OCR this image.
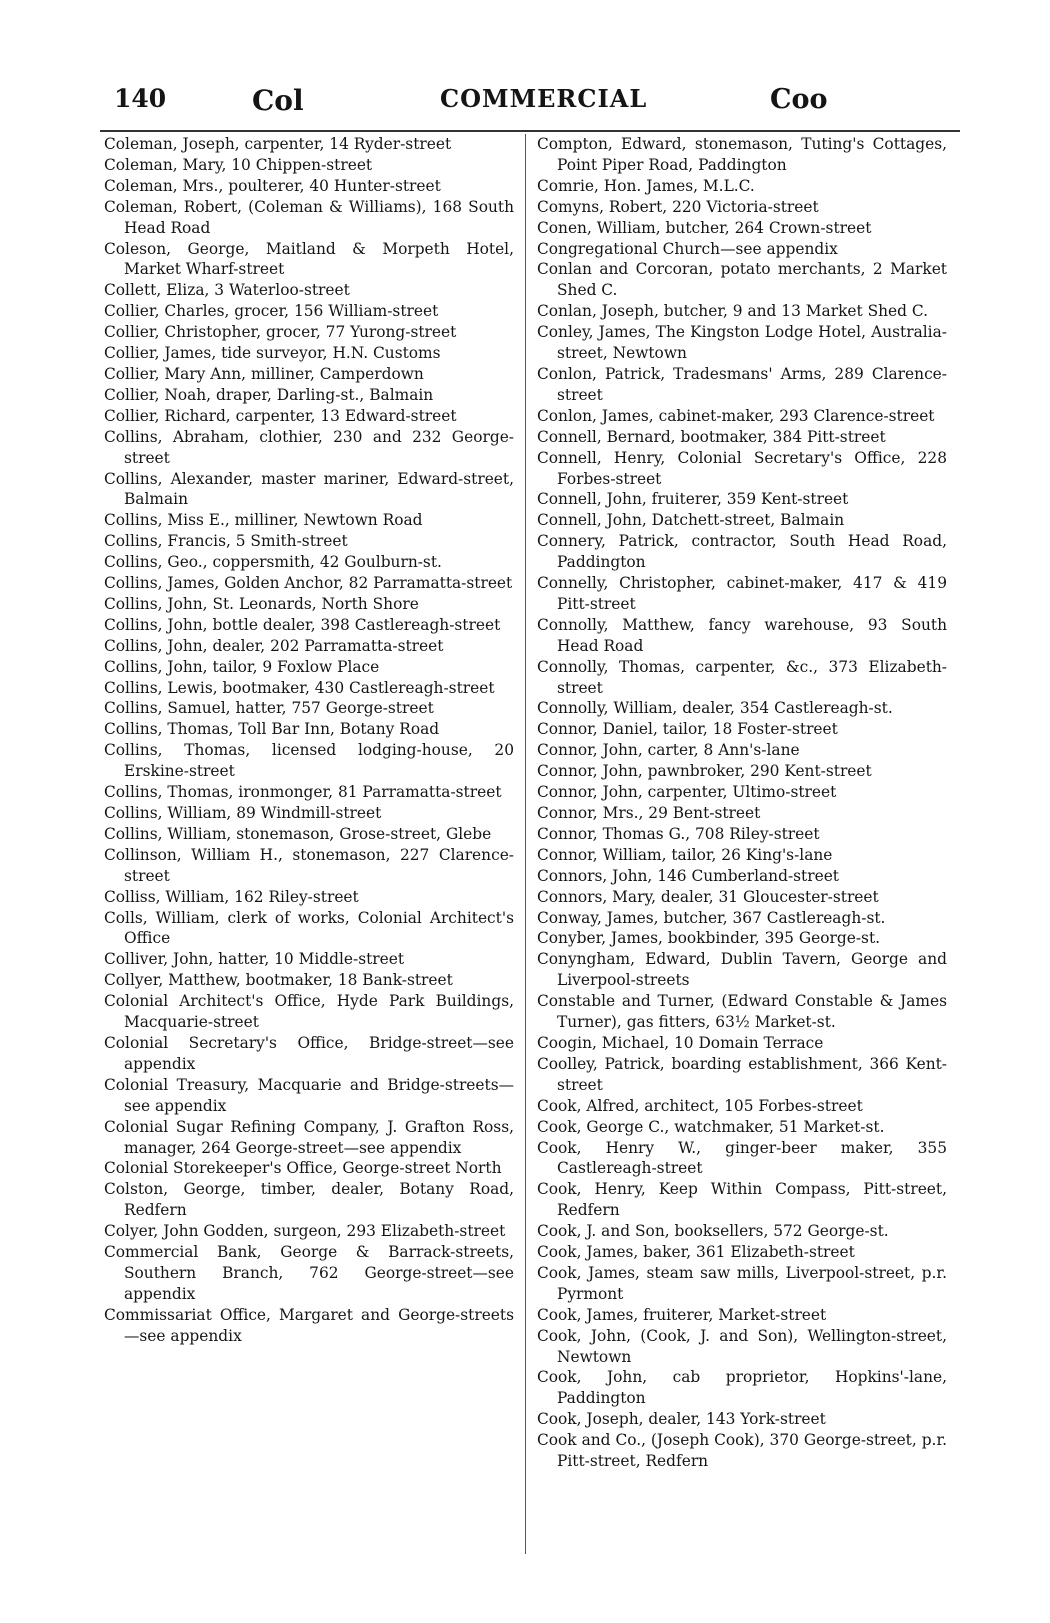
140	Col	COMMERCIAL	Coo

Coleman, Joseph, carpenter, 14 Ryder-street

Coleman, Mary, 10 Chippen-street

Coleman, Mrs., poulterer, 40 Hunter-street

Coleman, Robert, (Coleman & Williams), 168 South Head Road

Coleson, George, Maitland & Morpeth Hotel, Market Wharf-street

Collett, Eliza, 3 Waterloo-street

Collier, Charles, grocer, 156 William-street

Collier, Christopher, grocer, 77 Yurong-street

Collier, James, tide surveyor, H.N. Customs

Collier, Mary Ann, milliner, Camperdown

Collier, Noah, draper, Darling-st., Balmain

Collier, Richard, carpenter, 13 Edward-street

Collins, Abraham, clothier, 230 and 232 George-street

Collins, Alexander, master mariner, Edward-street, Balmain

Collins, Miss E., milliner, Newtown Road

Collins, Francis, 5 Smith-street

Collins, Geo., coppersmith, 42 Goulburn-st.

Collins, James, Golden Anchor, 82 Parramatta-street

Collins, John, St. Leonards, North Shore

Collins, John, bottle dealer, 398 Castlereagh-street

Collins, John, dealer, 202 Parramatta-street

Collins, John, tailor, 9 Foxlow Place

Collins, Lewis, bootmaker, 430 Castlereagh-street

Collins, Samuel, hatter, 757 George-street

Collins, Thomas, Toll Bar Inn, Botany Road

Collins, Thomas, licensed lodging-house, 20 Erskine-street

Collins, Thomas, ironmonger, 81 Parramatta-street

Collins, William, 89 Windmill-street

Collins, William, stonemason, Grose-street, Glebe

Collinson, William H., stonemason, 227 Clarence-street

Colliss, William, 162 Riley-street

Colls, William, clerk of works, Colonial Architect's Office

Colliver, John, hatter, 10 Middle-street

Collyer, Matthew, bootmaker, 18 Bank-street

Colonial Architect's Office, Hyde Park Buildings, Macquarie-street

Colonial Secretary's Office, Bridge-street—see appendix

Colonial Treasury, Macquarie and Bridge-streets—see appendix

Colonial Sugar Refining Company, J. Grafton Ross, manager, 264 George-street—see appendix

Colonial Storekeeper's Office, George-street North

Colston, George, timber, dealer, Botany Road, Redfern

Colyer, John Godden, surgeon, 293 Elizabeth-street

Commercial Bank, George & Barrack-streets, Southern Branch, 762 George-street—see appendix

Commissariat Office, Margaret and George-streets—see appendix

Compton, Edward, stonemason, Tuting's Cottages, Point Piper Road, Paddington

Comrie, Hon. James, M.L.C.

Comyns, Robert, 220 Victoria-street

Conen, William, butcher, 264 Crown-street

Congregational Church—see appendix

Conlan and Corcoran, potato merchants, 2 Market Shed C.

Conlan, Joseph, butcher, 9 and 13 Market Shed C.

Conley, James, The Kingston Lodge Hotel, Australia-street, Newtown

Conlon, Patrick, Tradesmans' Arms, 289 Clarence-street

Conlon, James, cabinet-maker, 293 Clarence-street

Connell, Bernard, bootmaker, 384 Pitt-street

Connell, Henry, Colonial Secretary's Office, 228 Forbes-street

Connell, John, fruiterer, 359 Kent-street

Connell, John, Datchett-street, Balmain

Connery, Patrick, contractor, South Head Road, Paddington

Connelly, Christopher, cabinet-maker, 417 & 419 Pitt-street

Connolly, Matthew, fancy warehouse, 93 South Head Road

Connolly, Thomas, carpenter, &c., 373 Elizabeth-street

Connolly, William, dealer, 354 Castlereagh-st.

Connor, Daniel, tailor, 18 Foster-street

Connor, John, carter, 8 Ann's-lane

Connor, John, pawnbroker, 290 Kent-street

Connor, John, carpenter, Ultimo-street

Connor, Mrs., 29 Bent-street

Connor, Thomas G., 708 Riley-street

Connor, William, tailor, 26 King's-lane

Connors, John, 146 Cumberland-street

Connors, Mary, dealer, 31 Gloucester-street

Conway, James, butcher, 367 Castlereagh-st.

Conyber, James, bookbinder, 395 George-st.

Conyngham, Edward, Dublin Tavern, George and Liverpool-streets

Constable and Turner, (Edward Constable & James Turner), gas fitters, 63½ Market-st.

Coogin, Michael, 10 Domain Terrace

Coolley, Patrick, boarding establishment, 366 Kent-street

Cook, Alfred, architect, 105 Forbes-street

Cook, George C., watchmaker, 51 Market-st.

Cook, Henry W., ginger-beer maker, 355 Castlereagh-street

Cook, Henry, Keep Within Compass, Pitt-street, Redfern

Cook, J. and Son, booksellers, 572 George-st.

Cook, James, baker, 361 Elizabeth-street

Cook, James, steam saw mills, Liverpool-street, p.r. Pyrmont

Cook, James, fruiterer, Market-street

Cook, John, (Cook, J. and Son), Wellington-street, Newtown

Cook, John, cab proprietor, Hopkins'-lane, Paddington

Cook, Joseph, dealer, 143 York-street

Cook and Co., (Joseph Cook), 370 George-street, p.r. Pitt-street, Redfern
